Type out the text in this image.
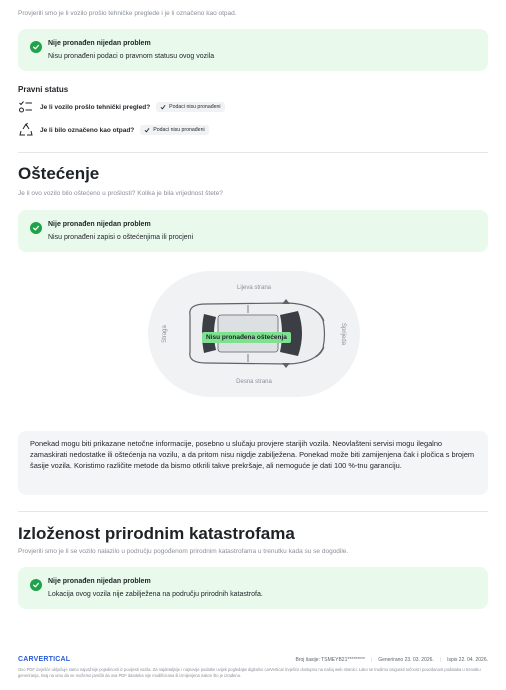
Provjerili smo je li vozilo prošlo tehničke preglede i je li označeno kao otpad.
Nije pronađen nijedan problem
Nisu pronađeni podaci o pravnom statusu ovog vozila
Pravni status
Je li vozilo prošlo tehnički pregled?	Podaci nisu pronađeni
Je li bilo označeno kao otpad?	Podaci nisu pronađeni
Oštećenje
Je li ovo vozilo bilo oštećeno u prošlosti? Kolika je bila vrijednost štete?
Nije pronađen nijedan problem
Nisu pronađeni zapisi o oštećenjima ili procjeni
Lijeva strana
Desna strana
Straga	Sprijeda
Nisu pronađena oštećenja
Ponekad mogu biti prikazane netočne informacije, posebno u slučaju provjere starijih vozila. Neovlašteni servisi mogu ilegalno zamaskirati nedostatke ili oštećenja na vozilu, a da pritom nisu nigdje zabilježena. Ponekad može biti zamijenjena čak i pločica s brojem šasije vozila. Koristimo različite metode da bismo otkrili takve prekršaje, ali nemoguće je dati 100 %-tnu garanciju.
Izloženost prirodnim katastrofama
Provjerili smo je li se vozilo nalazilo u području pogođenom prirodnim katastrofama u trenutku kada su se dogodile.
Nije pronađen nijedan problem
Lokacija ovog vozila nije zabilježena na području prirodnih katastrofa.
CARVERTICAL	Broj šasije: TSMEYB21********* | Generirano 23. 03. 2026. | Ispis 22. 04. 2026.
Ovo PDF izvješće uključuje samo najvažnije pojedinosti iz povijesti vozila. Za najdetaljnije i najnovije podatke uvijek pogledajte digitalno carVertical izvješće dostupno na našoj web stranici. Lako se trudimo osigurati točnost i pouzdanost podataka u trenutku generiranja, imaj na umu da ne možemo jamčiti da ova PDF datoteka nije modificirana ili izmijenjena nakon što je izrađena.
